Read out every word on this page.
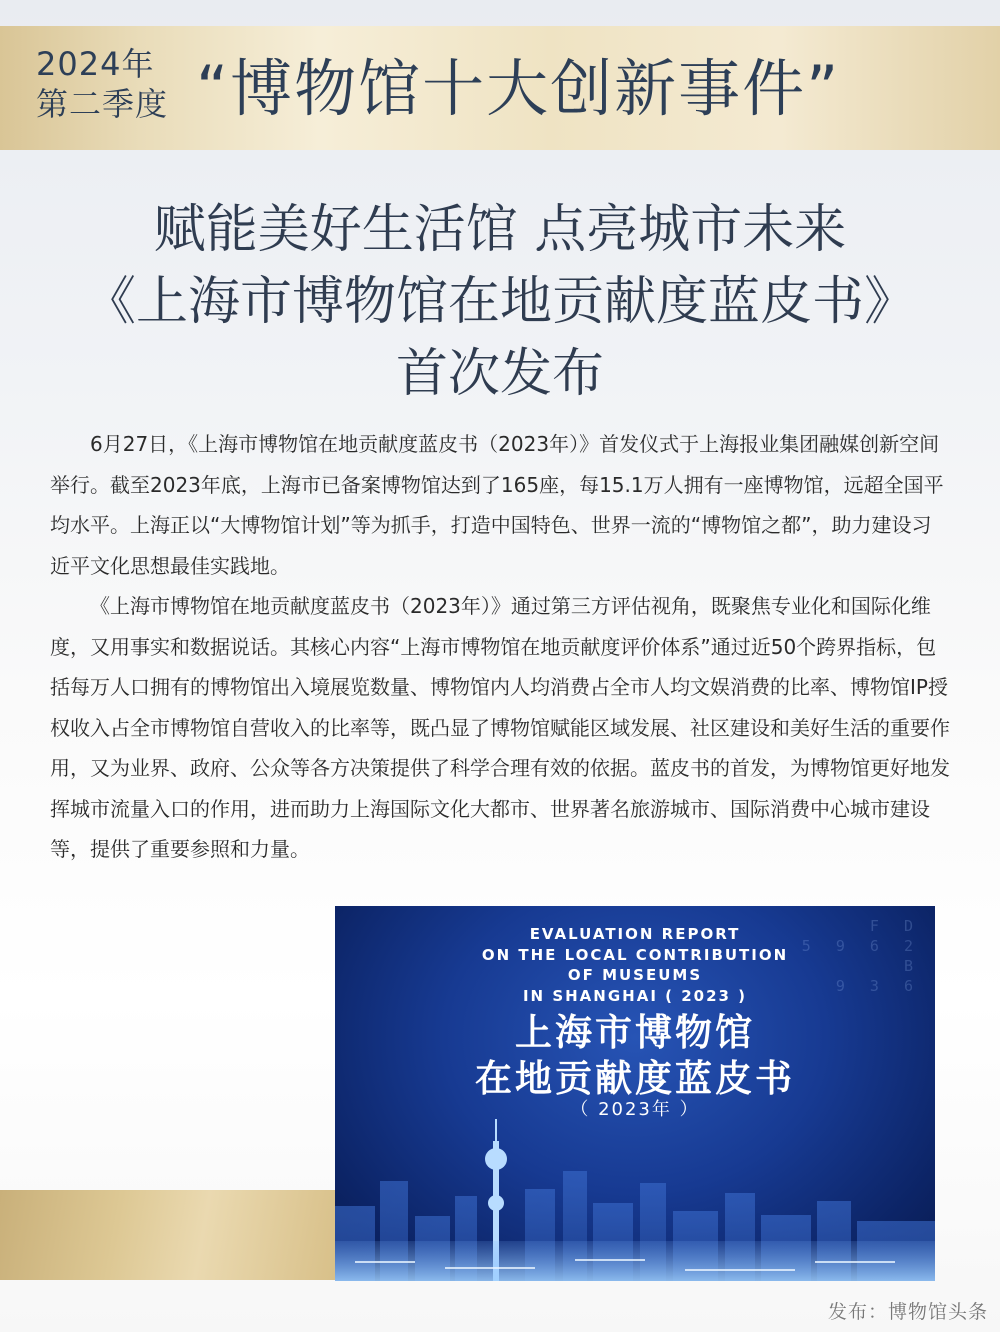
2024年
第二季度 “博物馆十大创新事件”
赋能美好生活馆 点亮城市未来
《上海市博物馆在地贡献度蓝皮书》
首次发布

6月27日，《上海市博物馆在地贡献度蓝皮书（2023年）》首发仪式于上海报业集团融媒创新空间举行。截至2023年底，上海市已备案博物馆达到了165座，每15.1万人拥有一座博物馆，远超全国平均水平。上海正以“大博物馆计划”等为抓手，打造中国特色、世界一流的“博物馆之都”，助力建设习近平文化思想最佳实践地。

《上海市博物馆在地贡献度蓝皮书（2023年）》通过第三方评估视角，既聚焦专业化和国际化维度，又用事实和数据说话。其核心内容“上海市博物馆在地贡献度评价体系”通过近50个跨界指标，包括每万人口拥有的博物馆出入境展览数量、博物馆内人均消费占全市人均文娱消费的比率、博物馆IP授权收入占全市博物馆自营收入的比率等，既凸显了博物馆赋能区域发展、社区建设和美好生活的重要作用，又为业界、政府、公众等各方决策提供了科学合理有效的依据。蓝皮书的首发，为博物馆更好地发挥城市流量入口的作用，进而助力上海国际文化大都市、世界著名旅游城市、国际消费中心城市建设等，提供了重要参照和力量。

F D
5 9 6 2
B
9 3 6
EVALUATION REPORT
ON THE LOCAL CONTRIBUTION
OF MUSEUMS
IN SHANGHAI ( 2023 )
上海市博物馆
在地贡献度蓝皮书
（ 2023年 ）
发布：博物馆头条
